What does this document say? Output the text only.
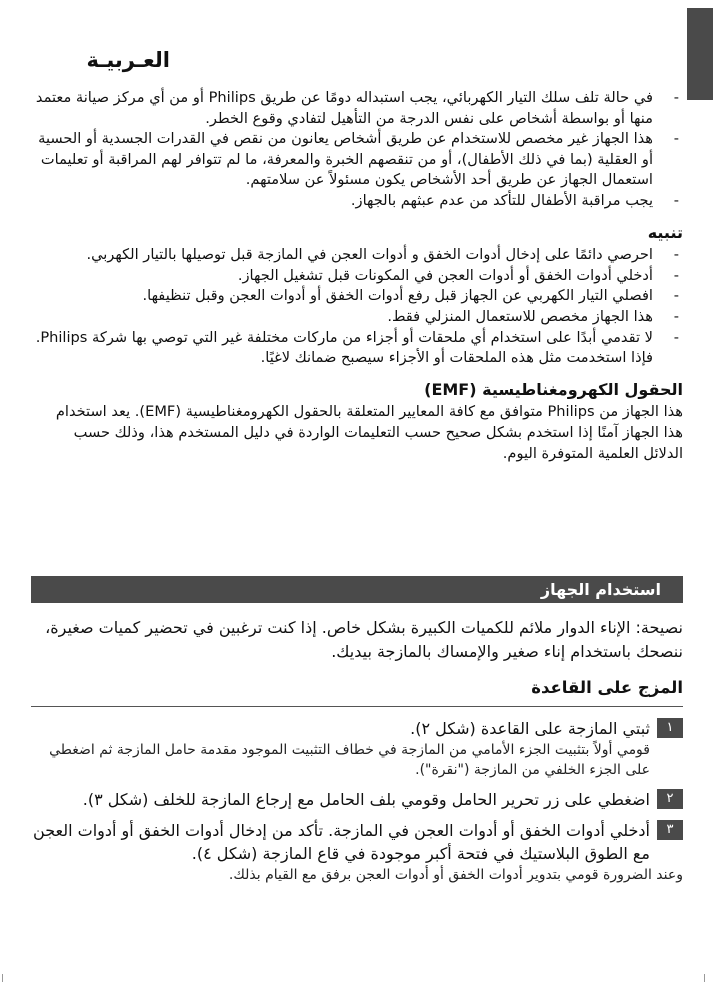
العـربيـة
-
في حالة تلف سلك التيار الكهربائي، يجب استبداله دومًا عن طريق Philips أو من أي مركز صيانة معتمد منها أو بواسطة أشخاص على نفس الدرجة من التأهيل لتفادي وقوع الخطر.
-
هذا الجهاز غير مخصص للاستخدام عن طريق أشخاص يعانون من نقص في القدرات الجسدية أو الحسية أو العقلية (بما في ذلك الأطفال)، أو من تنقصهم الخبرة والمعرفة، ما لم تتوافر لهم المراقبة أو تعليمات استعمال الجهاز عن طريق أحد الأشخاص يكون مسئولاً عن سلامتهم.
-
يجب مراقبة الأطفال للتأكد من عدم عبثهم بالجهاز.
تنبيه
-
احرصي دائمًا على إدخال أدوات الخفق و أدوات العجن في المازجة قبل توصيلها بالتيار الكهربي.
-
أدخلي أدوات الخفق أو أدوات العجن في المكونات قبل تشغيل الجهاز.
-
افصلي التيار الكهربي عن الجهاز قبل رفع أدوات الخفق أو أدوات العجن وقبل تنظيفها.
-
هذا الجهاز مخصص للاستعمال المنزلي فقط.
-
لا تقدمي أبدًا على استخدام أي ملحقات أو أجزاء من ماركات مختلفة غير التي توصي بها شركة Philips. فإذا استخدمت مثل هذه الملحقات أو الأجزاء سيصبح ضمانك لاغيًا.
الحقول الكهرومغناطيسية (EMF)
هذا الجهاز من Philips متوافق مع كافة المعايير المتعلقة بالحقول الكهرومغناطيسية (EMF). يعد استخدام هذا الجهاز آمنًا إذا استخدم بشكل صحيح حسب التعليمات الواردة في دليل المستخدم هذا، وذلك حسب الدلائل العلمية المتوفرة اليوم.
استخدام الجهاز
نصيحة: الإناء الدوار ملائم للكميات الكبيرة بشكل خاص. إذا كنت ترغبين في تحضير كميات صغيرة، ننصحك باستخدام إناء صغير والإمساك بالمازجة بيديك.
المزج على القاعدة
١
ثبتي المازجة على القاعدة (شكل ٢).
قومي أولاً بتثبيت الجزء الأمامي من المازجة في خطاف التثبيت الموجود مقدمة حامل المازجة ثم اضغطي على الجزء الخلفي من المازجة ("نقرة").
٢
اضغطي على زر تحرير الحامل وقومي بلف الحامل مع إرجاع المازجة للخلف (شكل ٣).
٣
أدخلي أدوات الخفق أو أدوات العجن في المازجة. تأكد من إدخال أدوات الخفق أو أدوات العجن مع الطوق البلاستيك في فتحة أكبر موجودة في قاع المازجة (شكل ٤).
وعند الضرورة قومي بتدوير أدوات الخفق أو أدوات العجن برفق مع القيام بذلك.
